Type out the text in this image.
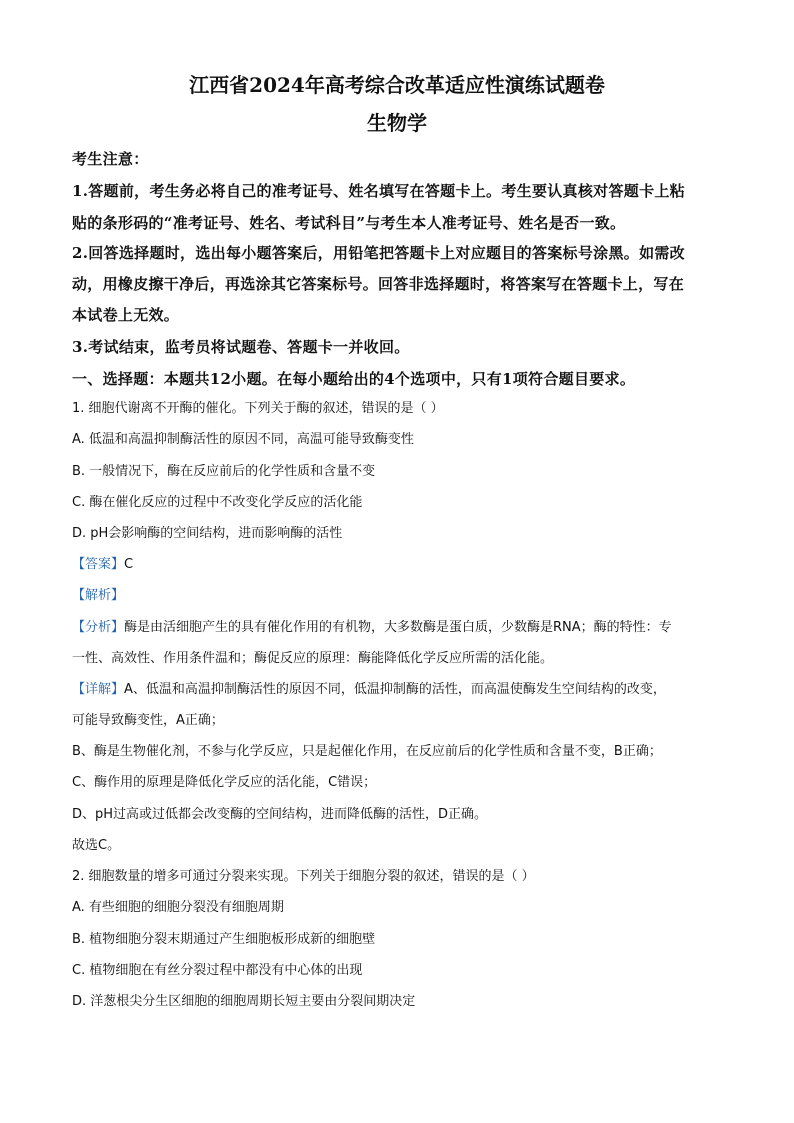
江西省2024年高考综合改革适应性演练试题卷
生物学
考生注意：
1.答题前，考生务必将自己的准考证号、姓名填写在答题卡上。考生要认真核对答题卡上粘
贴的条形码的“准考证号、姓名、考试科目”与考生本人准考证号、姓名是否一致。
2.回答选择题时，选出每小题答案后，用铅笔把答题卡上对应题目的答案标号涂黑。如需改
动，用橡皮擦干净后，再选涂其它答案标号。回答非选择题时，将答案写在答题卡上，写在
本试卷上无效。
3.考试结束，监考员将试题卷、答题卡一并收回。
一、选择题：本题共12小题。在每小题给出的4个选项中，只有1项符合题目要求。
1. 细胞代谢离不开酶的催化。下列关于酶的叙述，错误的是（ ）
A. 低温和高温抑制酶活性的原因不同，高温可能导致酶变性
B. 一般情况下，酶在反应前后的化学性质和含量不变
C. 酶在催化反应的过程中不改变化学反应的活化能
D. pH会影响酶的空间结构，进而影响酶的活性
【答案】C
【解析】
【分析】酶是由活细胞产生的具有催化作用的有机物，大多数酶是蛋白质，少数酶是RNA；酶的特性：专
一性、高效性、作用条件温和；酶促反应的原理：酶能降低化学反应所需的活化能。
【详解】A、低温和高温抑制酶活性的原因不同，低温抑制酶的活性，而高温使酶发生空间结构的改变，
可能导致酶变性，A正确；
B、酶是生物催化剂，不参与化学反应，只是起催化作用，在反应前后的化学性质和含量不变，B正确；
C、酶作用的原理是降低化学反应的活化能，C错误；
D、pH过高或过低都会改变酶的空间结构，进而降低酶的活性，D正确。
故选C。
2. 细胞数量的增多可通过分裂来实现。下列关于细胞分裂的叙述，错误的是（ ）
A. 有些细胞的细胞分裂没有细胞周期
B. 植物细胞分裂末期通过产生细胞板形成新的细胞壁
C. 植物细胞在有丝分裂过程中都没有中心体的出现
D. 洋葱根尖分生区细胞的细胞周期长短主要由分裂间期决定
